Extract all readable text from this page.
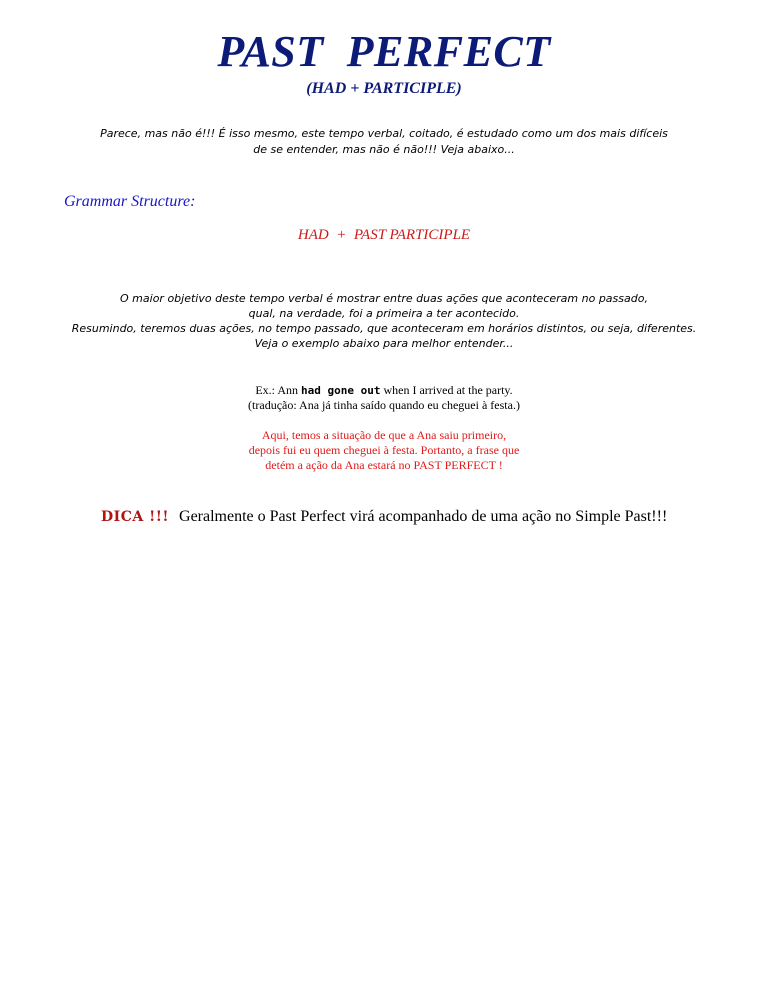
PAST  PERFECT
(HAD + PARTICIPLE)
Parece, mas não é!!! É isso mesmo, este tempo verbal, coitado, é estudado como um dos mais difíceis
de se entender, mas não é não!!! Veja abaixo...
Grammar Structure:
HAD  +  PAST PARTICIPLE
O maior objetivo deste tempo verbal é mostrar entre duas ações que aconteceram no passado,
qual, na verdade, foi a primeira a ter acontecido.
Resumindo, teremos duas ações, no tempo passado, que aconteceram em horários distintos, ou seja, diferentes.
Veja o exemplo abaixo para melhor entender...
Ex.: Ann had gone out when I arrived at the party.
(tradução: Ana já tinha saído quando eu cheguei à festa.)
Aqui, temos a situação de que a Ana saiu primeiro,
depois fui eu quem cheguei à festa. Portanto, a frase que
detém a ação da Ana estará no PAST PERFECT !
DICA !!! Geralmente o Past Perfect virá acompanhado de uma ação no Simple Past!!!
